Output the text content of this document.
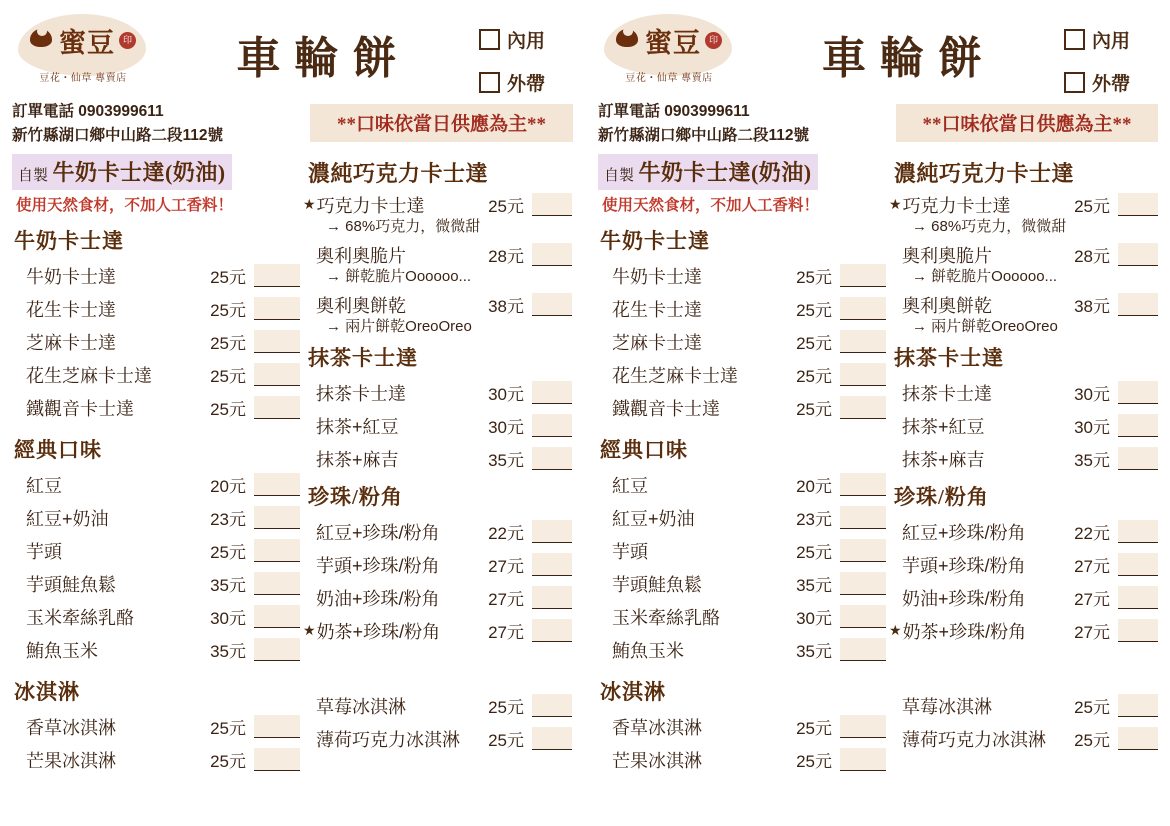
蜜豆 印
豆花・仙草 專賣店	車輪餅	內用
外帶
訂單電話 0903999611
新竹縣湖口鄉中山路二段112號
**口味依當日供應為主**
自製 牛奶卡士達(奶油)
使用天然食材，不加人工香料！
牛奶卡士達
牛奶卡士達	25元
花生卡士達	25元
芝麻卡士達	25元
花生芝麻卡士達	25元
鐵觀音卡士達	25元
經典口味
紅豆	20元
紅豆+奶油	23元
芋頭	25元
芋頭鮭魚鬆	35元
玉米牽絲乳酪	30元
鮪魚玉米	35元
冰淇淋
香草冰淇淋	25元
芒果冰淇淋	25元
濃純巧克力卡士達
★ 巧克力卡士達	25元
→ 68%巧克力，微微甜
奧利奧脆片	28元
→ 餅乾脆片Oooooo...
奧利奧餅乾	38元
→ 兩片餅乾OreoOreo
抹茶卡士達
抹茶卡士達	30元
抹茶+紅豆	30元
抹茶+麻吉	35元
珍珠/粉角
紅豆+珍珠/粉角	22元
芋頭+珍珠/粉角	27元
奶油+珍珠/粉角	27元
★ 奶茶+珍珠/粉角	27元
草莓冰淇淋	25元
薄荷巧克力冰淇淋 25元
蜜豆 印
豆花・仙草 專賣店	車輪餅	內用
外帶
訂單電話 0903999611
新竹縣湖口鄉中山路二段112號
**口味依當日供應為主**
自製 牛奶卡士達(奶油)
使用天然食材，不加人工香料！
牛奶卡士達
牛奶卡士達	25元
花生卡士達	25元
芝麻卡士達	25元
花生芝麻卡士達	25元
鐵觀音卡士達	25元
經典口味
紅豆	20元
紅豆+奶油	23元
芋頭	25元
芋頭鮭魚鬆	35元
玉米牽絲乳酪	30元
鮪魚玉米	35元
冰淇淋
香草冰淇淋	25元
芒果冰淇淋	25元
濃純巧克力卡士達
★ 巧克力卡士達	25元
→ 68%巧克力，微微甜
奧利奧脆片	28元
→ 餅乾脆片Oooooo...
奧利奧餅乾	38元
→ 兩片餅乾OreoOreo
抹茶卡士達
抹茶卡士達	30元
抹茶+紅豆	30元
抹茶+麻吉	35元
珍珠/粉角
紅豆+珍珠/粉角	22元
芋頭+珍珠/粉角	27元
奶油+珍珠/粉角	27元
★ 奶茶+珍珠/粉角	27元
草莓冰淇淋	25元
薄荷巧克力冰淇淋 25元
